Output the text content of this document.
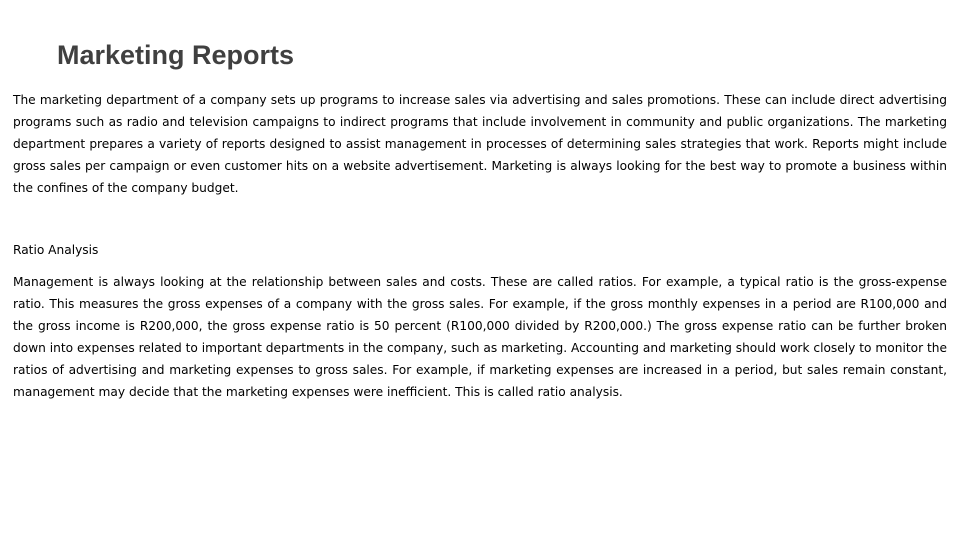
Marketing Reports

The marketing department of a company sets up programs to increase sales via advertising and sales promotions. These can include direct advertising programs such as radio and television campaigns to indirect programs that include involvement in community and public organizations. The marketing department prepares a variety of reports designed to assist management in processes of determining sales strategies that work. Reports might include gross sales per campaign or even customer hits on a website advertisement. Marketing is always looking for the best way to promote a business within the confines of the company budget.

Ratio Analysis

Management is always looking at the relationship between sales and costs. These are called ratios. For example, a typical ratio is the gross-expense ratio. This measures the gross expenses of a company with the gross sales. For example, if the gross monthly expenses in a period are R100,000 and the gross income is R200,000, the gross expense ratio is 50 percent (R100,000 divided by R200,000.) The gross expense ratio can be further broken down into expenses related to important departments in the company, such as marketing. Accounting and marketing should work closely to monitor the ratios of advertising and marketing expenses to gross sales. For example, if marketing expenses are increased in a period, but sales remain constant, management may decide that the marketing expenses were inefficient. This is called ratio analysis.
